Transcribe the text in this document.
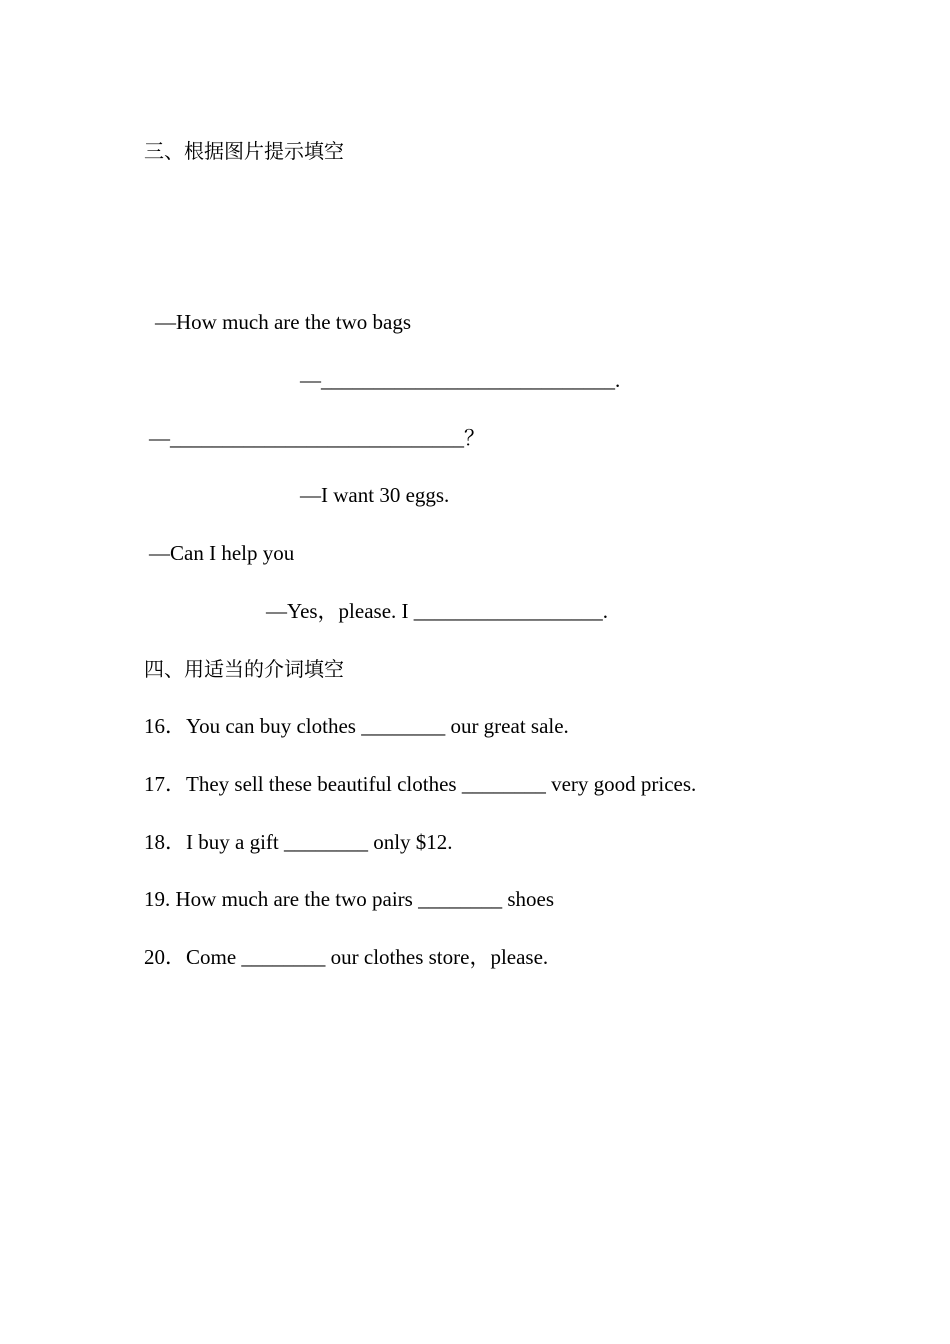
三、根据图片提示填空
—How much are the two bags
—____________________________.
—____________________________？
—I want 30 eggs.
—Can I help you
—Yes，please. I __________________.
四、用适当的介词填空
16．You can buy clothes ________ our great sale.
17．They sell these beautiful clothes ________ very good prices.
18．I buy a gift ________ only $12.
19. How much are the two pairs ________ shoes
20．Come ________ our clothes store，please.
